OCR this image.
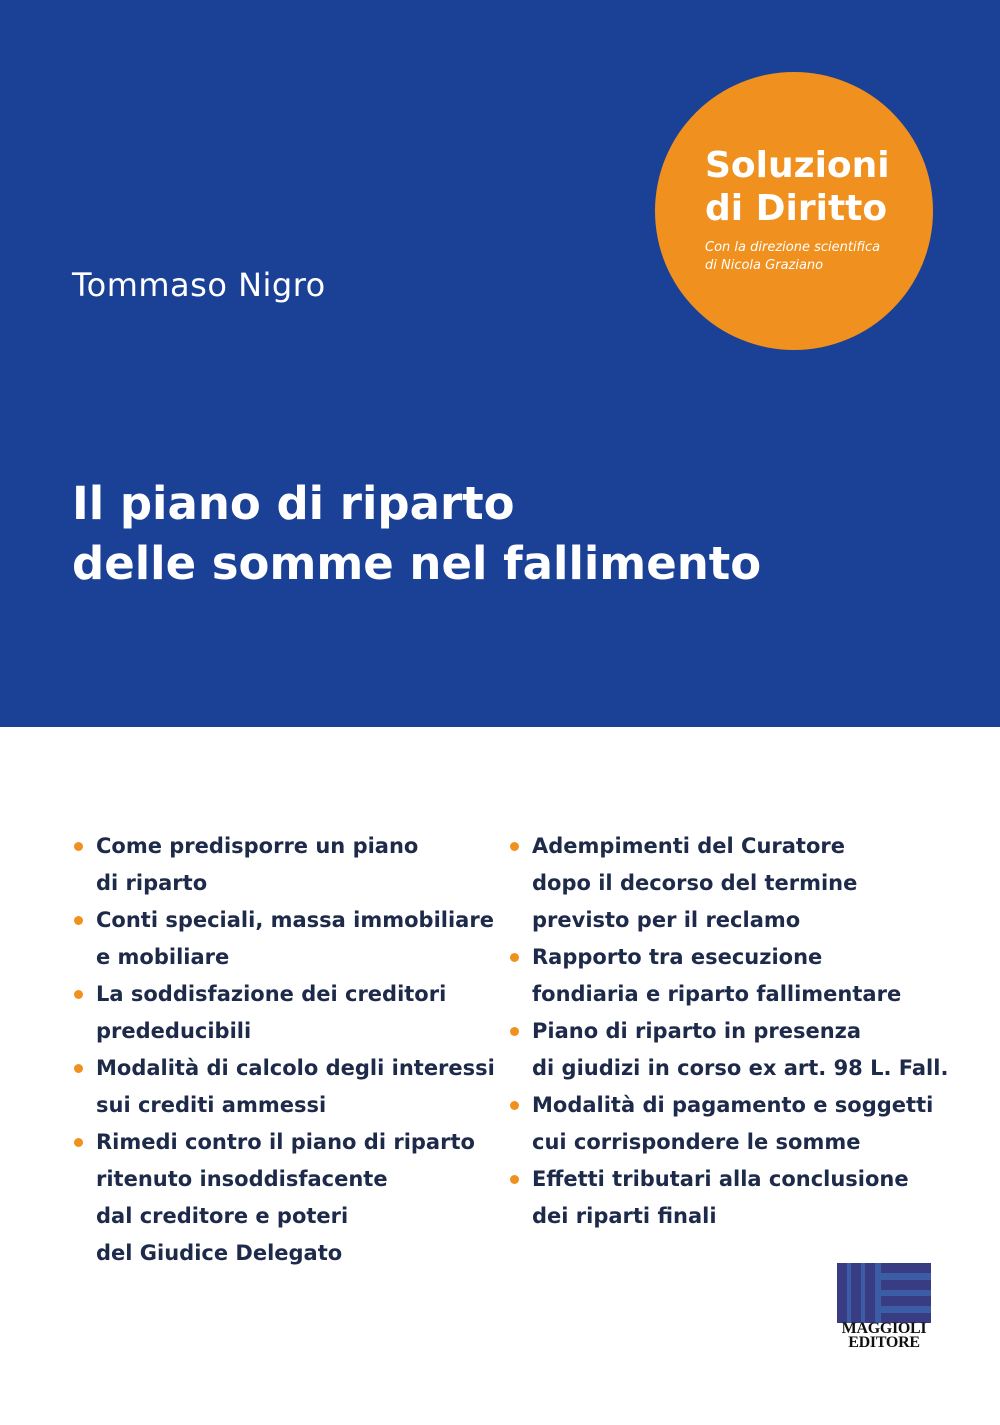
Tommaso Nigro
Soluzioni
di Diritto
Con la direzione scientifica
di Nicola Graziano
Il piano di riparto
delle somme nel fallimento
Come predisporre un piano
di riparto
Conti speciali, massa immobiliare
e mobiliare
La soddisfazione dei creditori
prededucibili
Modalità di calcolo degli interessi
sui crediti ammessi
Rimedi contro il piano di riparto
ritenuto insoddisfacente
dal creditore e poteri
del Giudice Delegato
Adempimenti del Curatore
dopo il decorso del termine
previsto per il reclamo
Rapporto tra esecuzione
fondiaria e riparto fallimentare
Piano di riparto in presenza
di giudizi in corso ex art. 98 L. Fall.
Modalità di pagamento e soggetti
cui corrispondere le somme
Effetti tributari alla conclusione
dei riparti finali
MAGGIOLI
EDITORE
